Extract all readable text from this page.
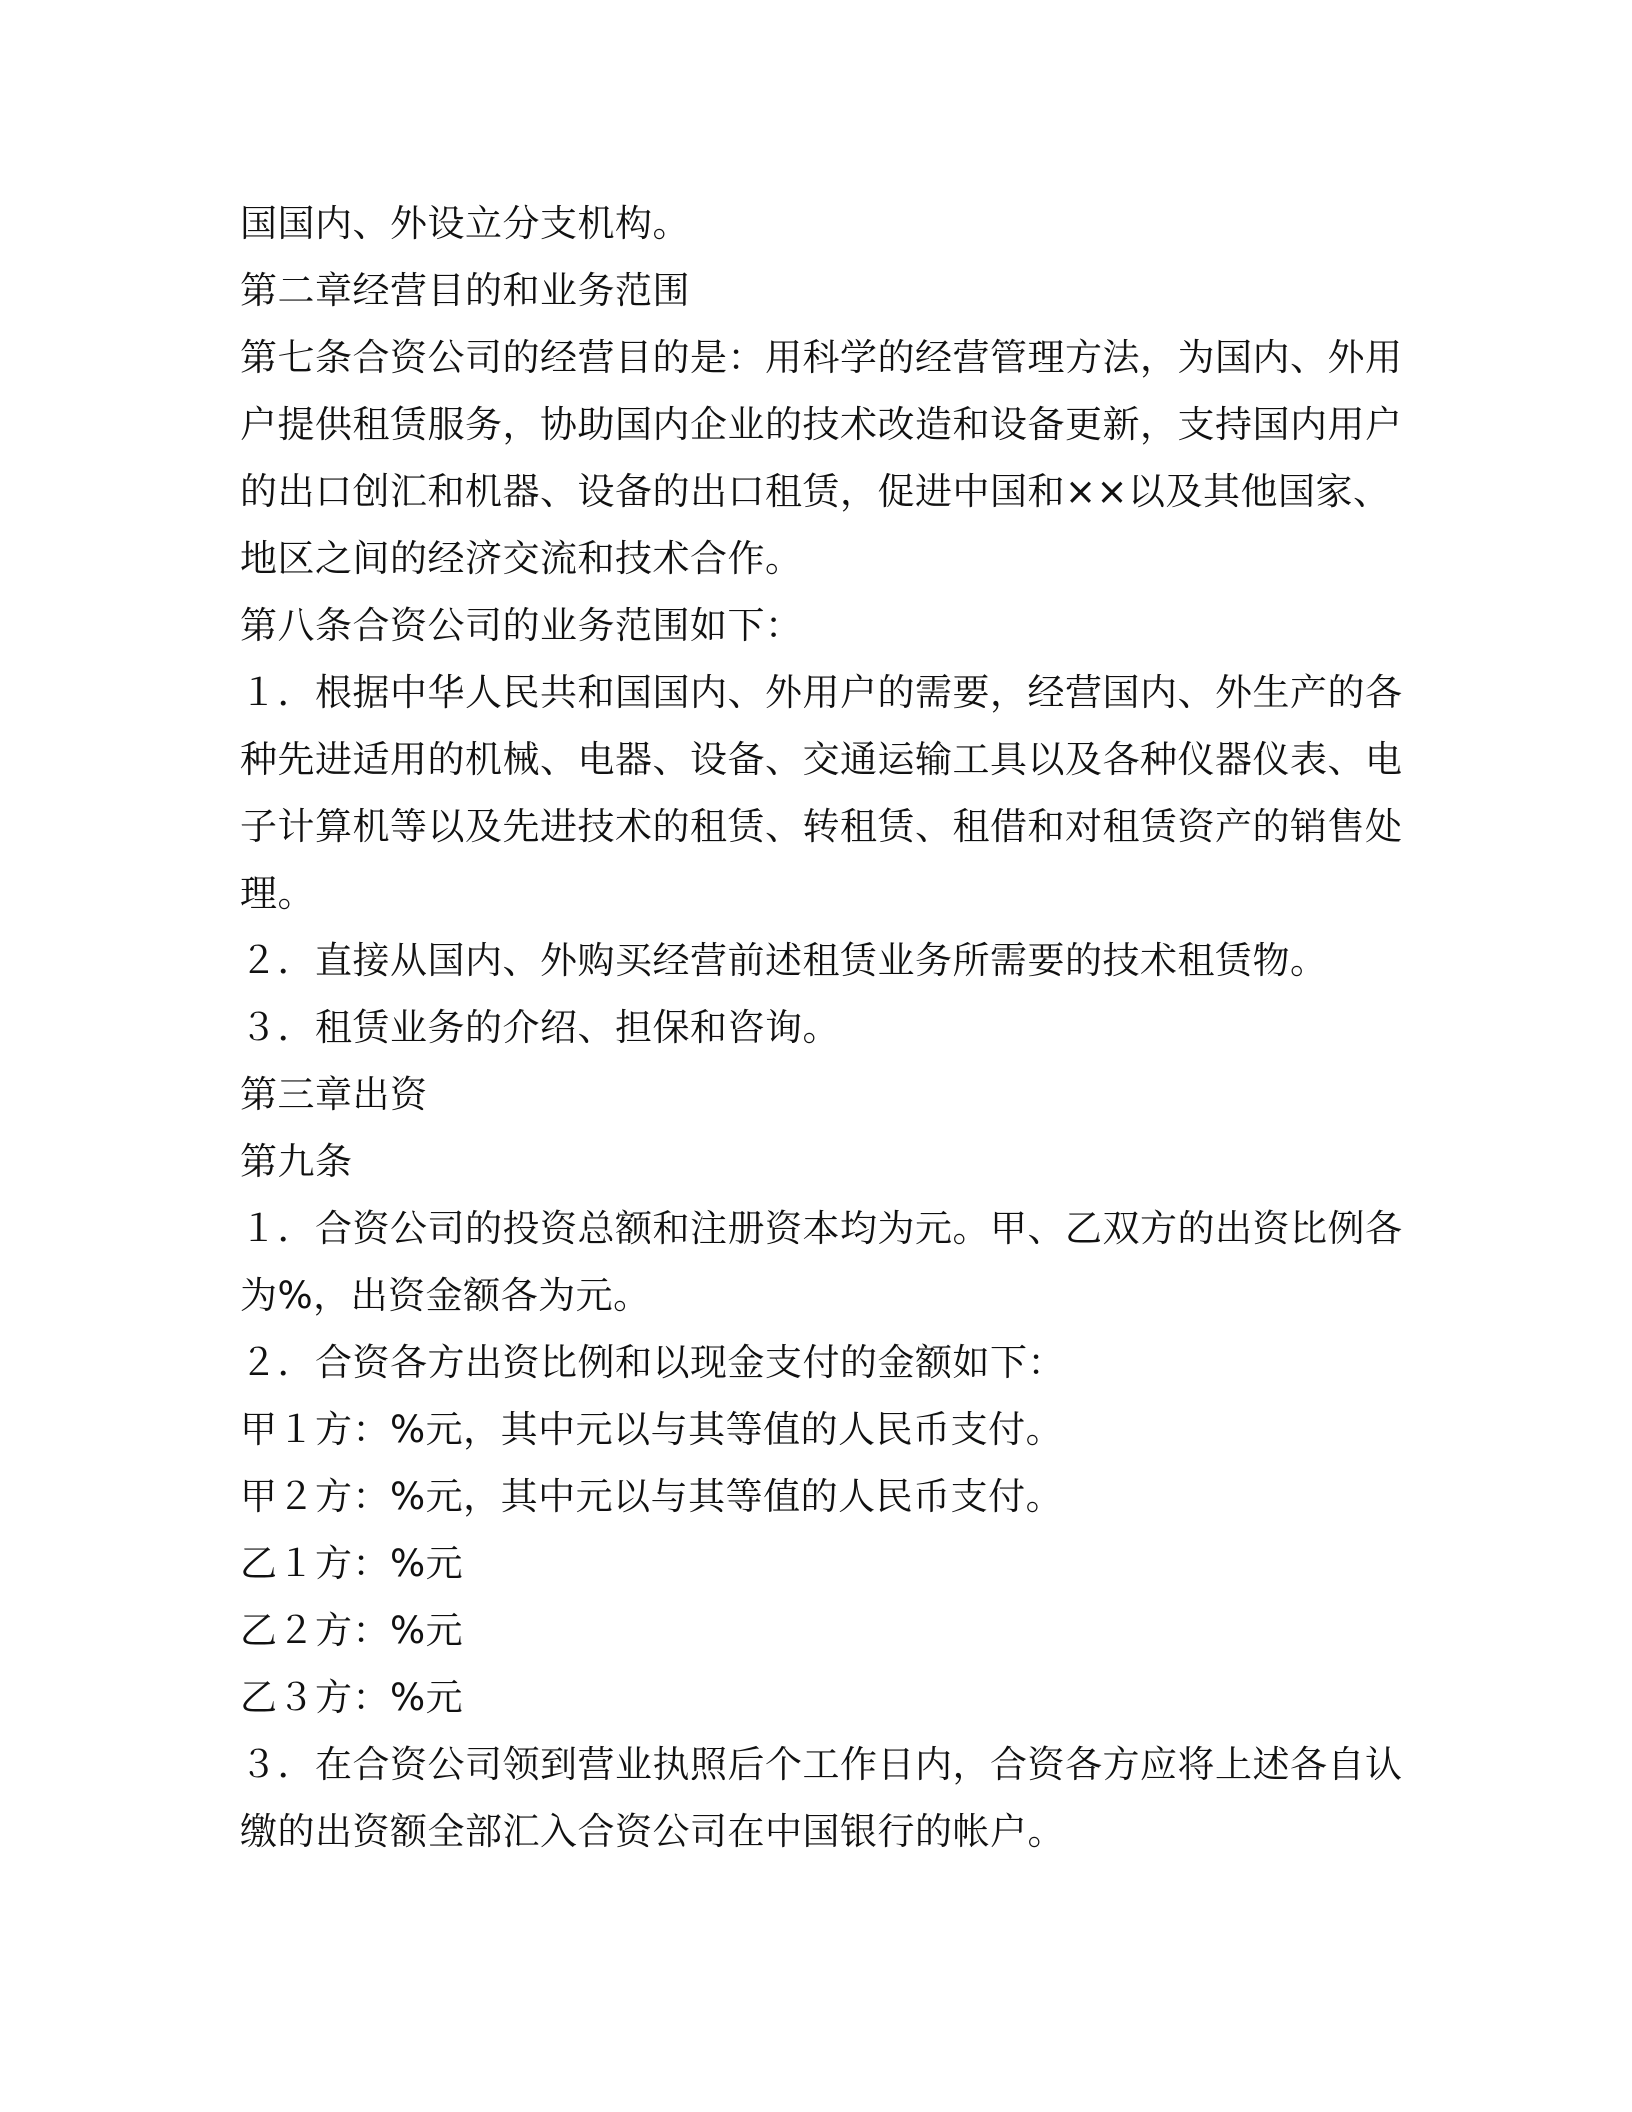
国国内、外设立分支机构。
第二章经营目的和业务范围
第七条合资公司的经营目的是：用科学的经营管理方法，为国内、外用
户提供租赁服务，协助国内企业的技术改造和设备更新，支持国内用户
的出口创汇和机器、设备的出口租赁，促进中国和××以及其他国家、
地区之间的经济交流和技术合作。
第八条合资公司的业务范围如下：
１．根据中华人民共和国国内、外用户的需要，经营国内、外生产的各
种先进适用的机械、电器、设备、交通运输工具以及各种仪器仪表、电
子计算机等以及先进技术的租赁、转租赁、租借和对租赁资产的销售处
理。
２．直接从国内、外购买经营前述租赁业务所需要的技术租赁物。
３．租赁业务的介绍、担保和咨询。
第三章出资
第九条
１．合资公司的投资总额和注册资本均为元。甲、乙双方的出资比例各
为%，出资金额各为元。
２．合资各方出资比例和以现金支付的金额如下：
甲１方：%元，其中元以与其等值的人民币支付。
甲２方：%元，其中元以与其等值的人民币支付。
乙１方：%元
乙２方：%元
乙３方：%元
３．在合资公司领到营业执照后个工作日内，合资各方应将上述各自认
缴的出资额全部汇入合资公司在中国银行的帐户。
